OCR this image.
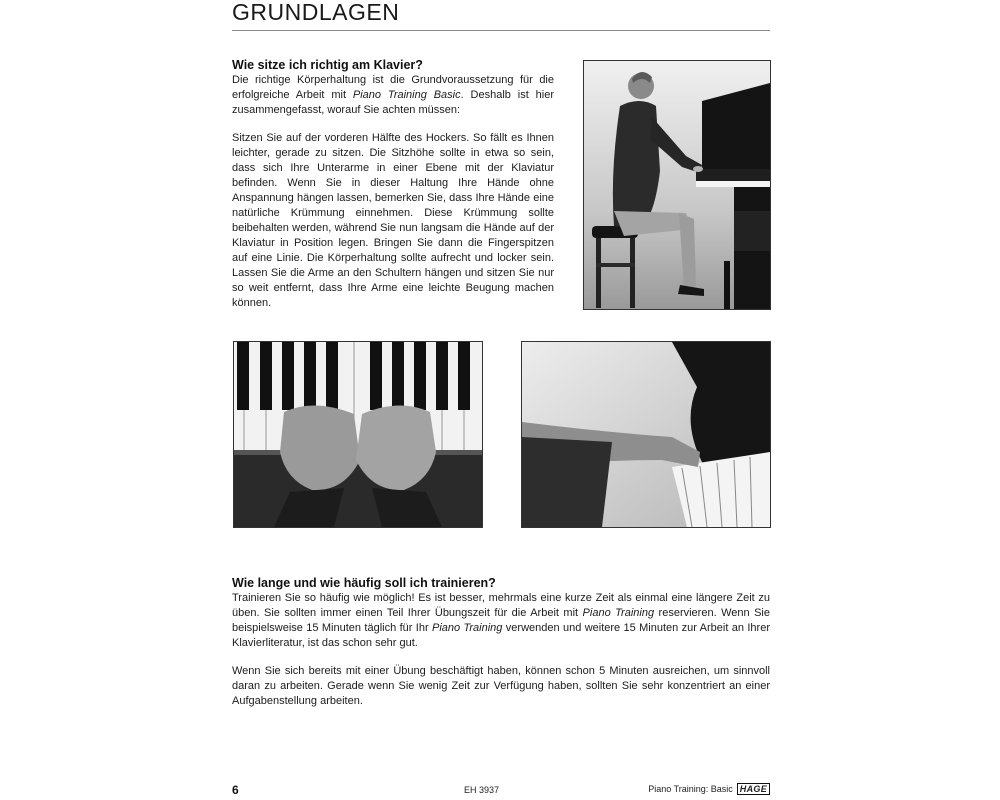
GRUNDLAGEN
Wie sitze ich richtig am Klavier?

Die richtige Körperhaltung ist die Grundvoraussetzung für die erfolgreiche Arbeit mit Piano Training Basic. Deshalb ist hier zusammengefasst, worauf Sie achten müssen:

Sitzen Sie auf der vorderen Hälfte des Hockers. So fällt es Ihnen leichter, gerade zu sitzen. Die Sitzhöhe sollte in etwa so sein, dass sich Ihre Unterarme in einer Ebene mit der Klaviatur befinden. Wenn Sie in dieser Haltung Ihre Hände ohne Anspannung hängen lassen, bemerken Sie, dass Ihre Hände eine natürliche Krümmung einnehmen. Diese Krümmung sollte beibehalten werden, während Sie nun langsam die Hände auf der Klaviatur in Position legen. Bringen Sie dann die Fingerspitzen auf eine Linie. Die Körperhaltung sollte aufrecht und locker sein. Lassen Sie die Arme an den Schultern hängen und sitzen Sie nur so weit entfernt, dass Ihre Arme eine leichte Beugung machen können.

Wie lange und wie häufig soll ich trainieren?

Trainieren Sie so häufig wie möglich! Es ist besser, mehrmals eine kurze Zeit als einmal eine längere Zeit zu üben. Sie sollten immer einen Teil Ihrer Übungszeit für die Arbeit mit Piano Training reservieren. Wenn Sie beispielsweise 15 Minuten täglich für Ihr Piano Training verwenden und weitere 15 Minuten zur Arbeit an Ihrer Klavierliteratur, ist das schon sehr gut.

Wenn Sie sich bereits mit einer Übung beschäftigt haben, können schon 5 Minuten ausreichen, um sinnvoll daran zu arbeiten. Gerade wenn Sie wenig Zeit zur Verfügung haben, sollten Sie sehr konzentriert an einer Aufgabenstellung arbeiten.

6	EH 3937	Piano Training: Basic HAGE
